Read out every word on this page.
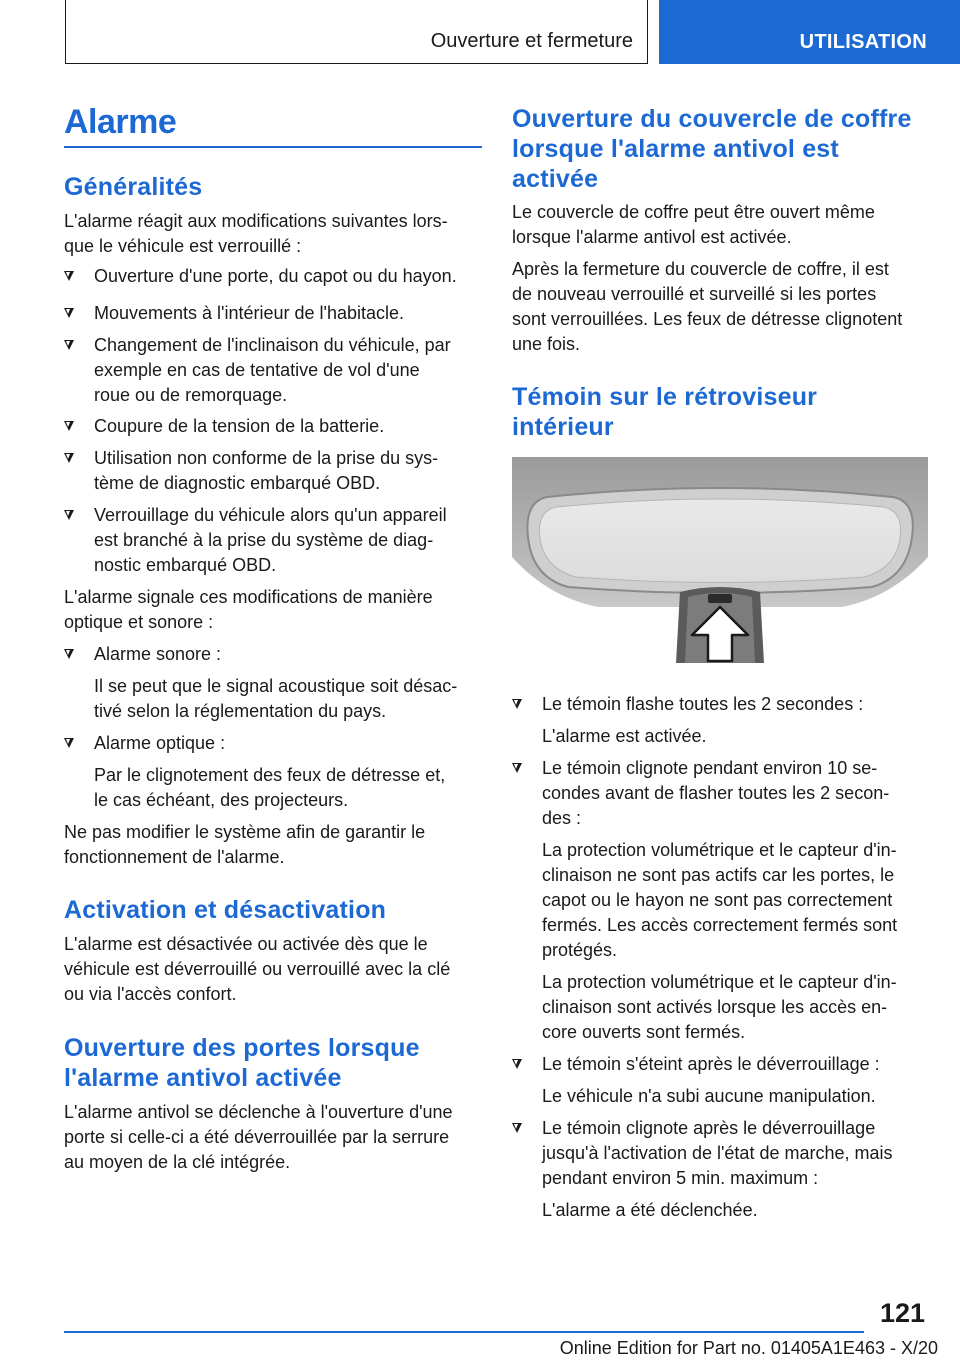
Ouverture et fermeture	UTILISATION
Alarme
Généralités

L'alarme réagit aux modifications suivantes lors-
que le véhicule est verrouillé :

Ouverture d'une porte, du capot ou du hayon.
Mouvements à l'intérieur de l'habitacle.
Changement de l'inclinaison du véhicule, par
exemple en cas de tentative de vol d'une
roue ou de remorquage.
Coupure de la tension de la batterie.
Utilisation non conforme de la prise du sys-
tème de diagnostic embarqué OBD.
Verrouillage du véhicule alors qu'un appareil
est branché à la prise du système de diag-
nostic embarqué OBD.

L'alarme signale ces modifications de manière
optique et sonore :

Alarme sonore :

Il se peut que le signal acoustique soit désac-
tivé selon la réglementation du pays.

Alarme optique :

Par le clignotement des feux de détresse et,
le cas échéant, des projecteurs.

Ne pas modifier le système afin de garantir le
fonctionnement de l'alarme.

Activation et désactivation

L'alarme est désactivée ou activée dès que le
véhicule est déverrouillé ou verrouillé avec la clé
ou via l'accès confort.

Ouverture des portes lorsque
l'alarme antivol activée

L'alarme antivol se déclenche à l'ouverture d'une
porte si celle-ci a été déverrouillée par la serrure
au moyen de la clé intégrée.

Ouverture du couvercle de coffre
lorsque l'alarme antivol est
activée

Le couvercle de coffre peut être ouvert même
lorsque l'alarme antivol est activée.

Après la fermeture du couvercle de coffre, il est
de nouveau verrouillé et surveillé si les portes
sont verrouillées. Les feux de détresse clignotent
une fois.

Témoin sur le rétroviseur
intérieur
Le témoin flashe toutes les 2 secondes :

L'alarme est activée.

Le témoin clignote pendant environ 10 se-
condes avant de flasher toutes les 2 secon-
des :

La protection volumétrique et le capteur d'in-
clinaison ne sont pas actifs car les portes, le
capot ou le hayon ne sont pas correctement
fermés. Les accès correctement fermés sont
protégés.

La protection volumétrique et le capteur d'in-
clinaison sont activés lorsque les accès en-
core ouverts sont fermés.

Le témoin s'éteint après le déverrouillage :

Le véhicule n'a subi aucune manipulation.

Le témoin clignote après le déverrouillage
jusqu'à l'activation de l'état de marche, mais
pendant environ 5 min. maximum :

L'alarme a été déclenchée.

121
Online Edition for Part no. 01405A1E463 - X/20
